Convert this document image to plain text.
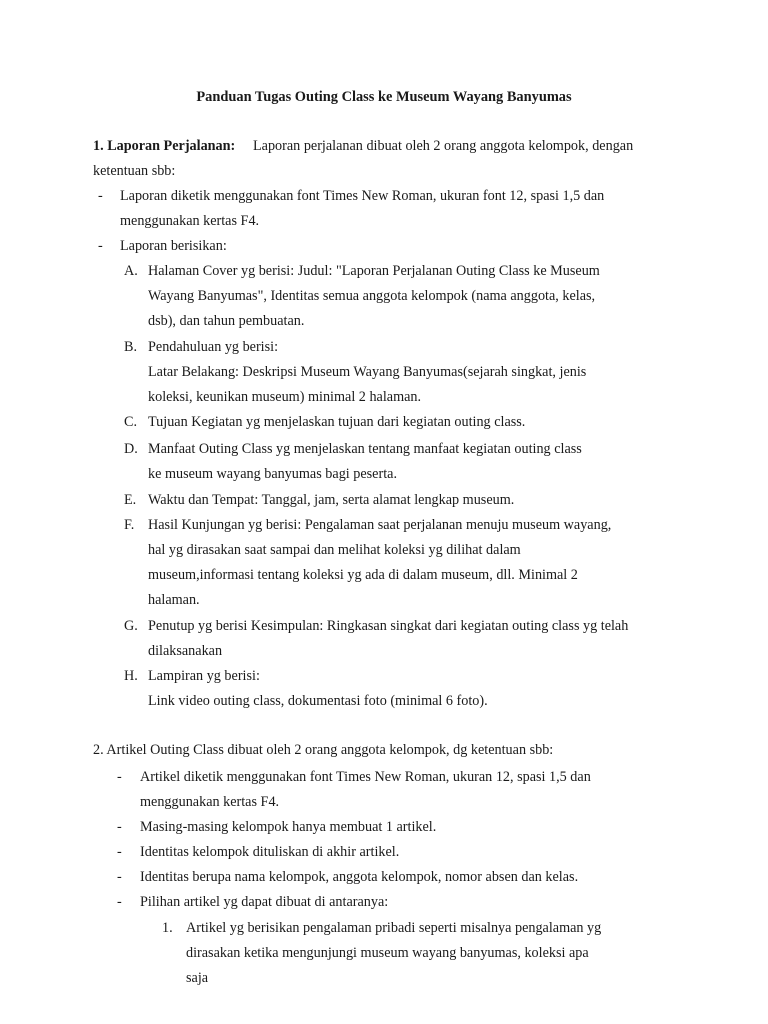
Panduan Tugas Outing Class ke Museum Wayang Banyumas
1. Laporan Perjalanan: Laporan perjalanan dibuat oleh 2 orang anggota kelompok, dengan
ketentuan sbb:
- Laporan diketik menggunakan font Times New Roman, ukuran font 12, spasi 1,5 dan
menggunakan kertas F4.
- Laporan berisikan:
A. Halaman Cover yg berisi: Judul: "Laporan Perjalanan Outing Class ke Museum
Wayang Banyumas", Identitas semua anggota kelompok (nama anggota, kelas,
dsb), dan tahun pembuatan.
B. Pendahuluan yg berisi:
Latar Belakang: Deskripsi Museum Wayang Banyumas(sejarah singkat, jenis
koleksi, keunikan museum) minimal 2 halaman.
C. Tujuan Kegiatan yg menjelaskan tujuan dari kegiatan outing class.
D. Manfaat Outing Class yg menjelaskan tentang manfaat kegiatan outing class
ke museum wayang banyumas bagi peserta.
E. Waktu dan Tempat: Tanggal, jam, serta alamat lengkap museum.
F. Hasil Kunjungan yg berisi: Pengalaman saat perjalanan menuju museum wayang,
hal yg dirasakan saat sampai dan melihat koleksi yg dilihat dalam
museum,informasi tentang koleksi yg ada di dalam museum, dll. Minimal 2
halaman.
G. Penutup yg berisi Kesimpulan: Ringkasan singkat dari kegiatan outing class yg telah
dilaksanakan
H. Lampiran yg berisi:
Link video outing class, dokumentasi foto (minimal 6 foto).
2. Artikel Outing Class dibuat oleh 2 orang anggota kelompok, dg ketentuan sbb:
- Artikel diketik menggunakan font Times New Roman, ukuran 12, spasi 1,5 dan
menggunakan kertas F4.
- Masing-masing kelompok hanya membuat 1 artikel.
- Identitas kelompok dituliskan di akhir artikel.
- Identitas berupa nama kelompok, anggota kelompok, nomor absen dan kelas.
- Pilihan artikel yg dapat dibuat di antaranya:
1. Artikel yg berisikan pengalaman pribadi seperti misalnya pengalaman yg
dirasakan ketika mengunjungi museum wayang banyumas, koleksi apa
saja
